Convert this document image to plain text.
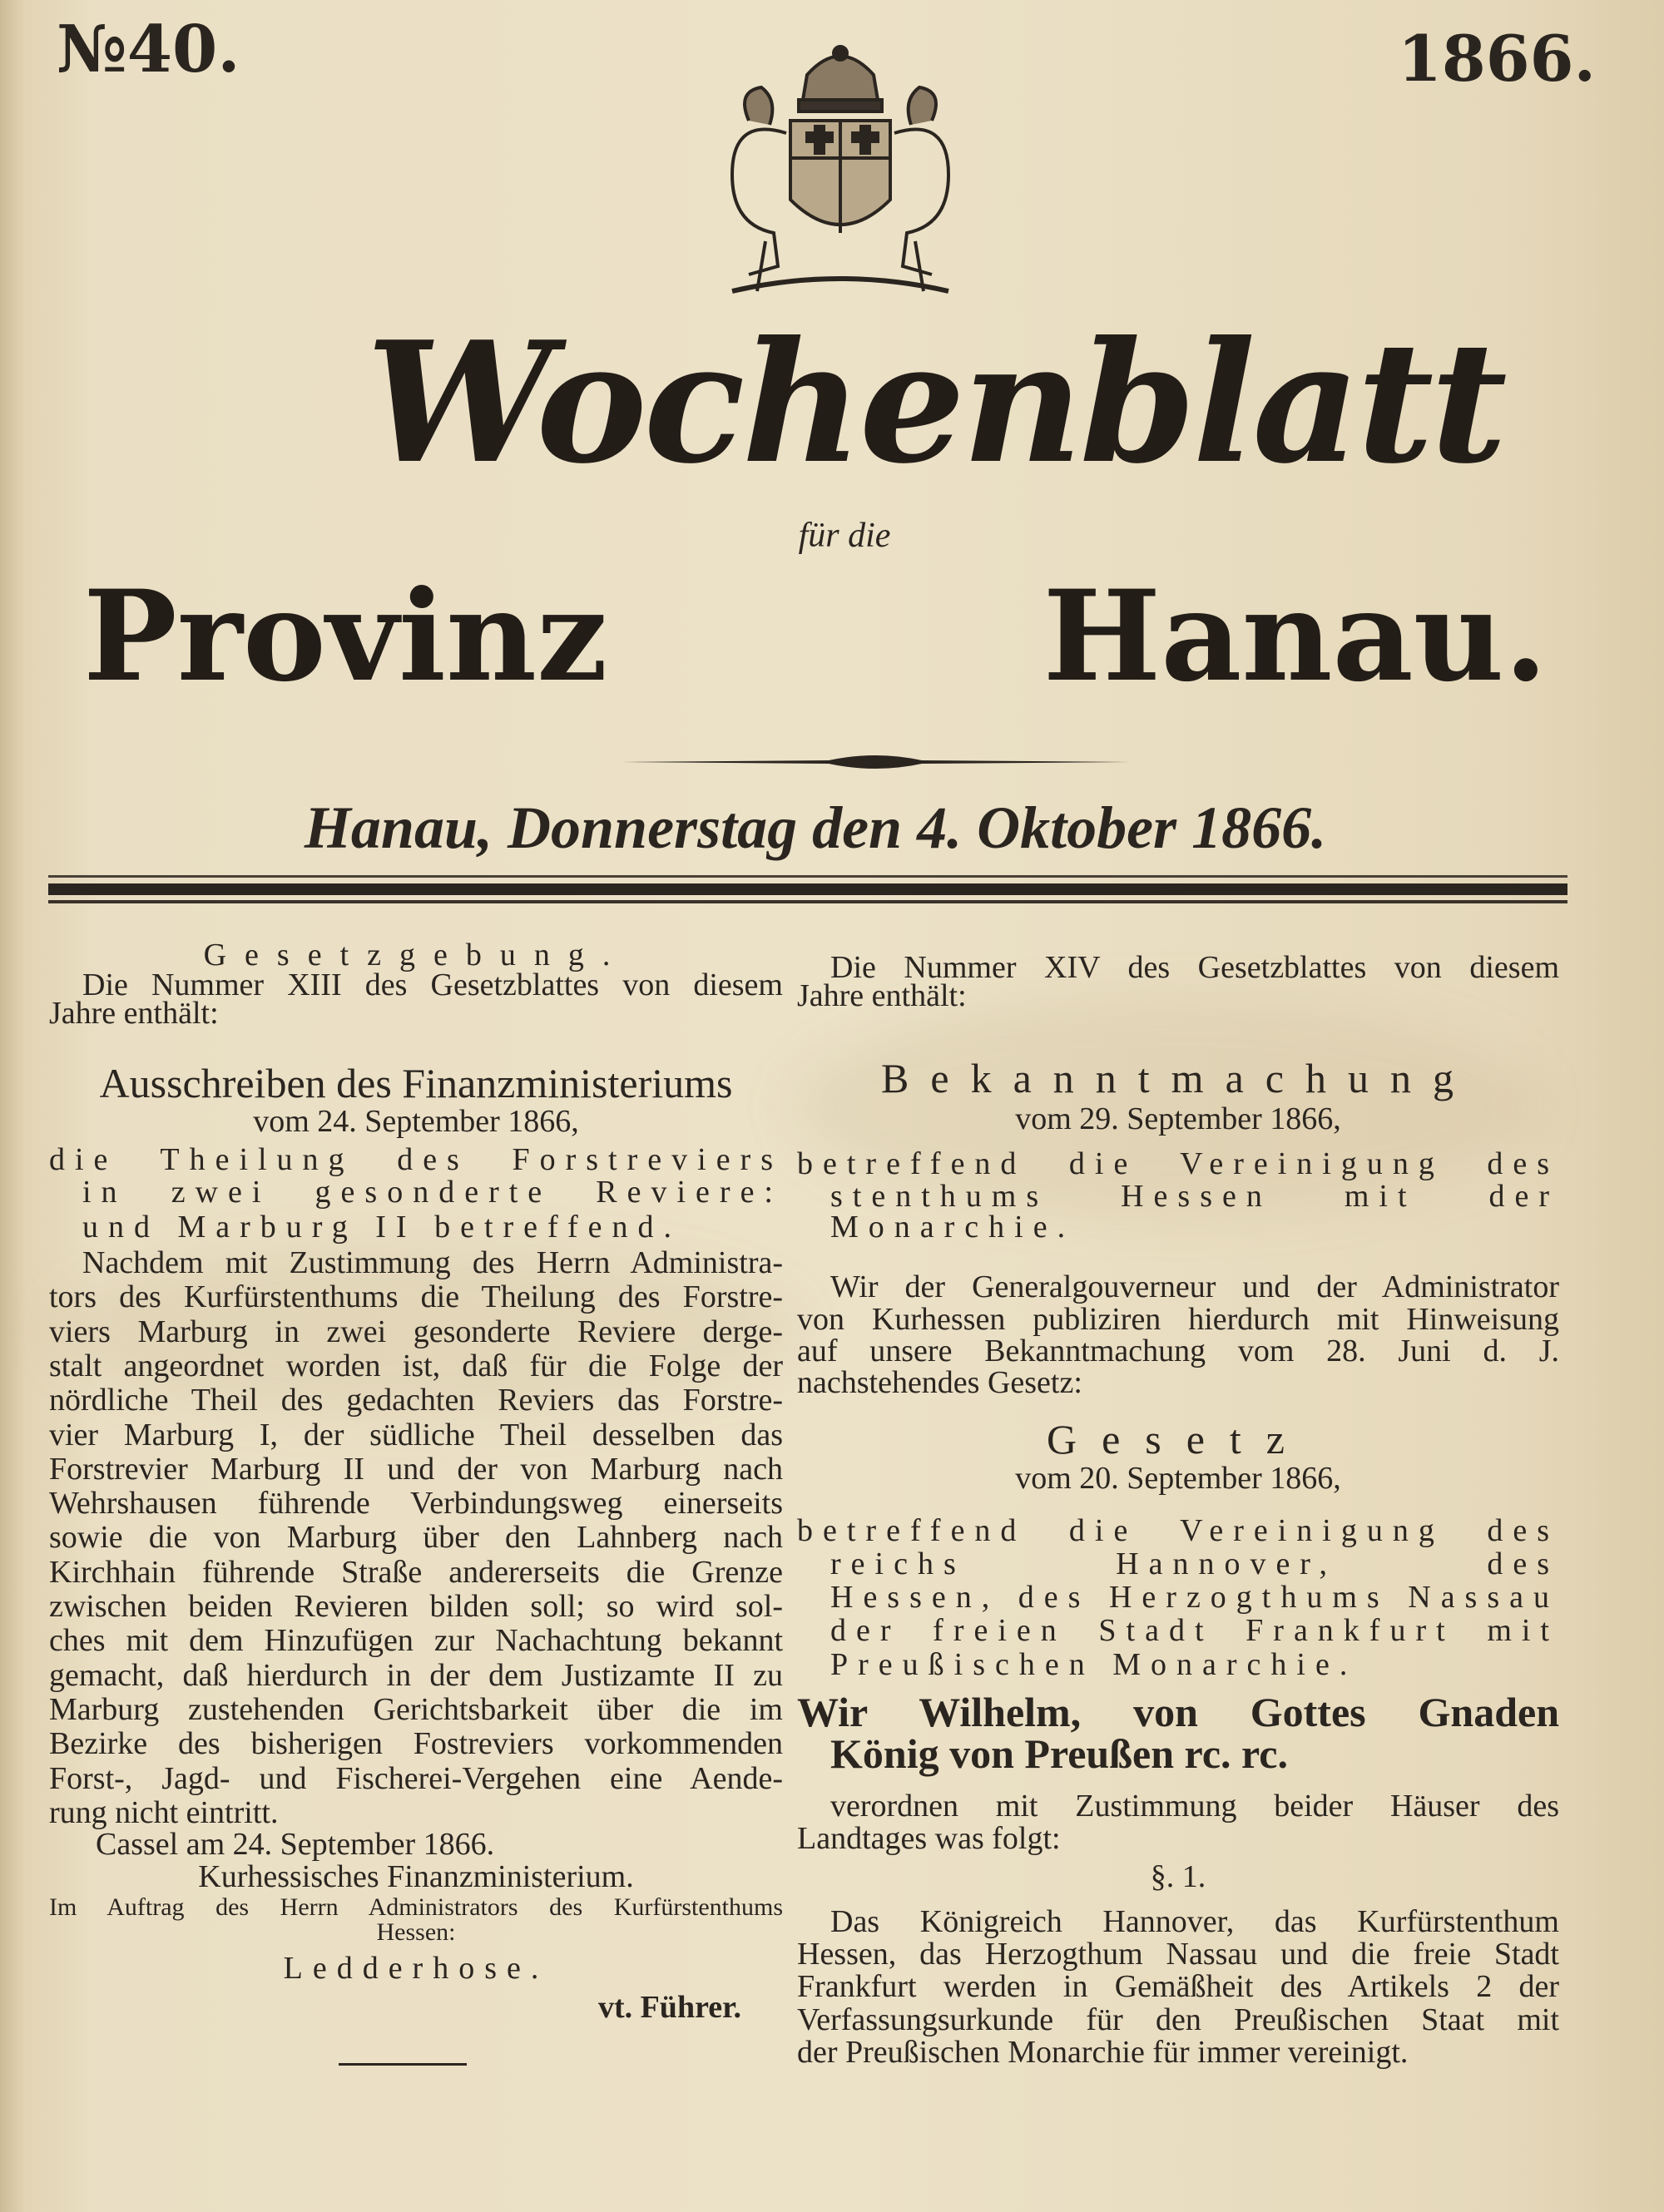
№40.	1866.
Wochenblatt
für die
Provinz Hanau.
Hanau, Donnerstag den 4. Oktober 1866.
Gesetzgebung.
Die Nummer XIII des Gesetzblattes von diesem
Jahre enthält:
Ausschreiben des Finanzministeriums
vom 24. September 1866,
die Theilung des Forstreviers
in zwei gesonderte Reviere:
und Marburg II betreffend.
Nachdem mit Zustimmung des Herrn Administra-
tors des Kurfürstenthums die Theilung des Forstre-
viers Marburg in zwei gesonderte Reviere derge-
stalt angeordnet worden ist, daß für die Folge der
nördliche Theil des gedachten Reviers das Forstre-
vier Marburg I, der südliche Theil desselben das
Forstrevier Marburg II und der von Marburg nach
Wehrshausen führende Verbindungsweg einerseits
sowie die von Marburg über den Lahnberg nach
Kirchhain führende Straße andererseits die Grenze
zwischen beiden Revieren bilden soll; so wird sol-
ches mit dem Hinzufügen zur Nachachtung bekannt
gemacht, daß hierdurch in der dem Justizamte II zu
Marburg zustehenden Gerichtsbarkeit über die im
Bezirke des bisherigen Fostreviers vorkommenden
Forst-, Jagd- und Fischerei-Vergehen eine Aende-
rung nicht eintritt.
Cassel am 24. September 1866.
Kurhessisches Finanzministerium.
Im Auftrag des Herrn Administrators des Kurfürstenthums
Hessen:
Ledderhose.
vt. Führer.
Die Nummer XIV des Gesetzblattes von diesem
Jahre enthält:
Bekanntmachung
vom 29. September 1866,
betreffend die Vereinigung des
stenthums Hessen mit der
Monarchie.
Wir der Generalgouverneur und der Administrator
von Kurhessen publiziren hierdurch mit Hinweisung
auf unsere Bekanntmachung vom 28. Juni d. J.
nachstehendes Gesetz:
Gesetz
vom 20. September 1866,
betreffend die Vereinigung des
reichs Hannover, des
Hessen, des Herzogthums Nassau
der freien Stadt Frankfurt mit
Preußischen Monarchie.
Wir Wilhelm, von Gottes Gnaden
König von Preußen rc. rc.
verordnen mit Zustimmung beider Häuser des
Landtages was folgt:
§. 1.
Das Königreich Hannover, das Kurfürstenthum
Hessen, das Herzogthum Nassau und die freie Stadt
Frankfurt werden in Gemäßheit des Artikels 2 der
Verfassungsurkunde für den Preußischen Staat mit
der Preußischen Monarchie für immer vereinigt.
